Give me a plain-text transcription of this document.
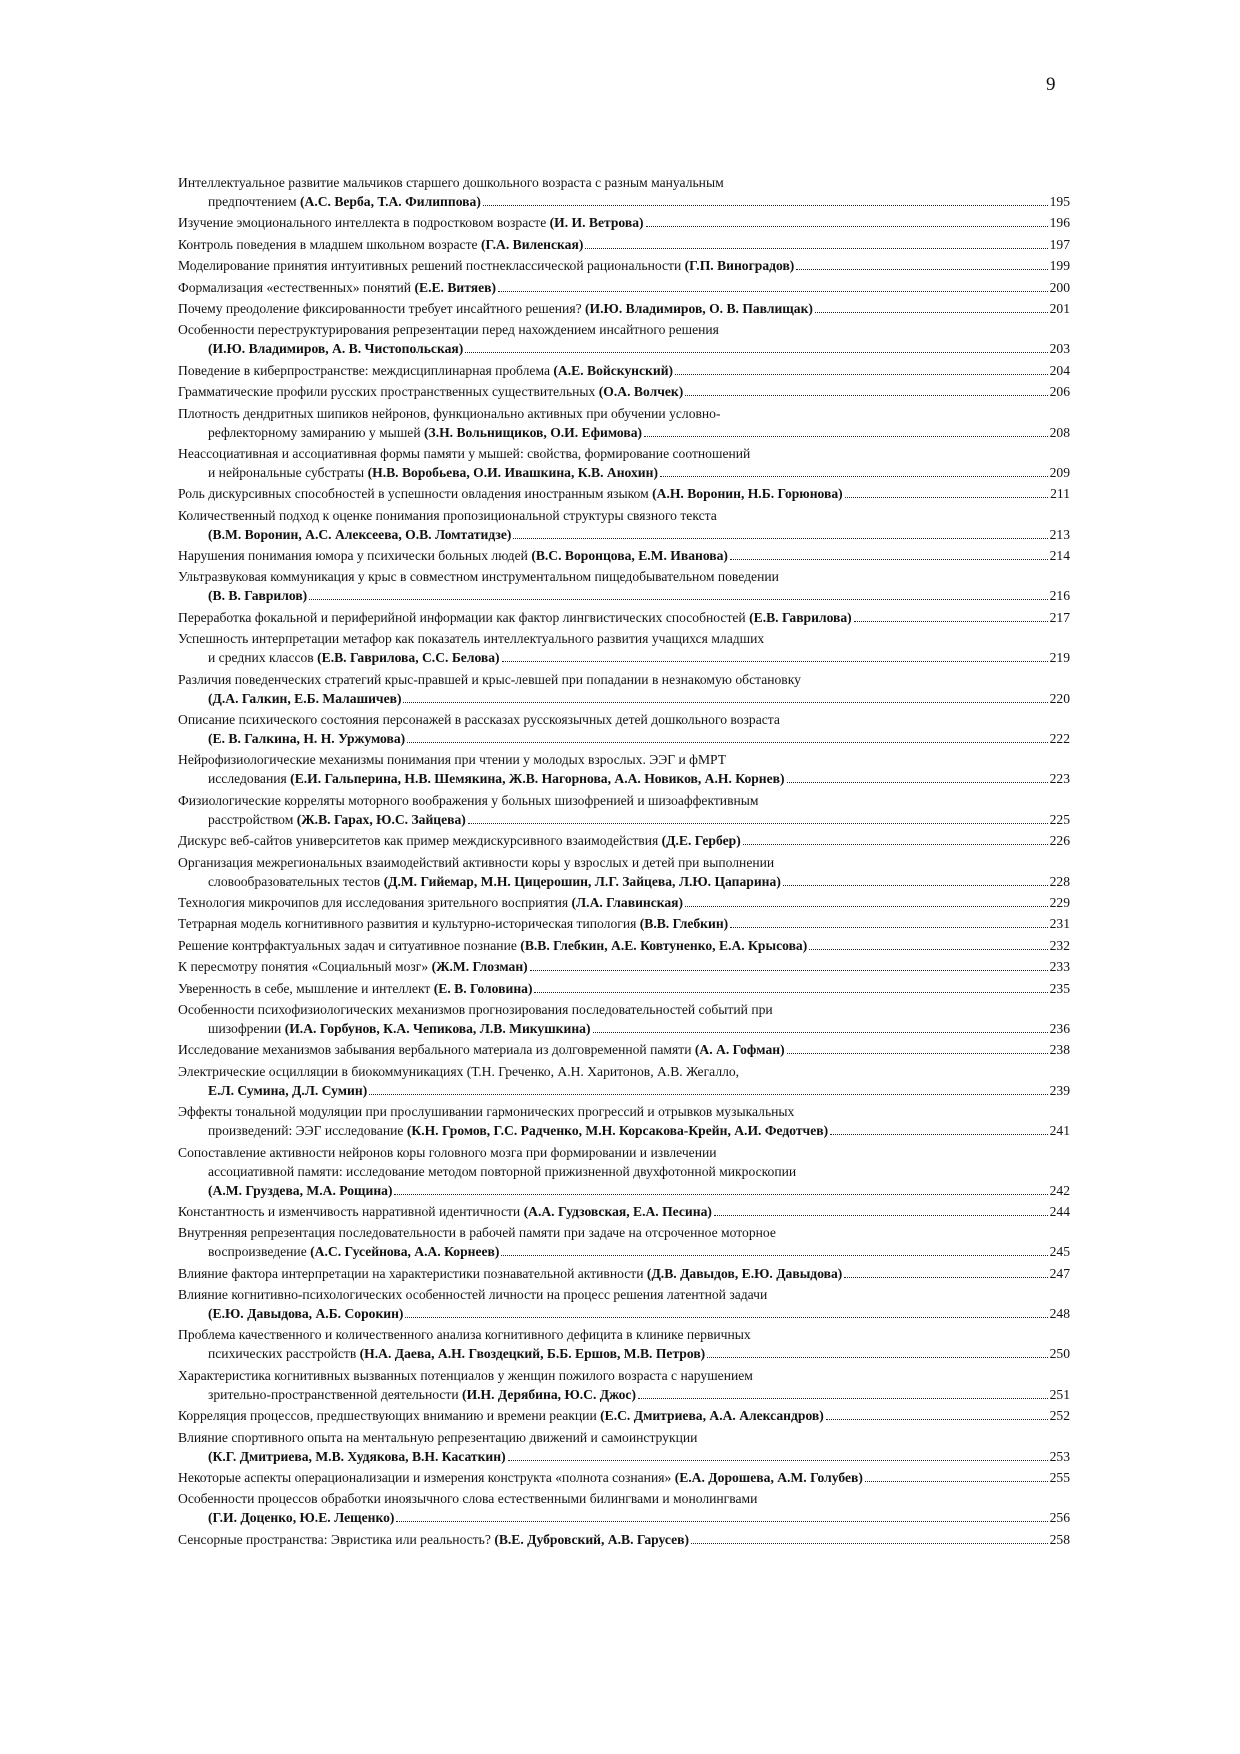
9
Интеллектуальное развитие мальчиков старшего дошкольного возраста с разным мануальным
предпочтением (А.С. Верба, Т.А. Филиппова)	195
Изучение эмоционального интеллекта в подростковом возрасте (И. И. Ветрова)	196
Контроль поведения в младшем школьном возрасте (Г.А. Виленская)	197
Моделирование принятия интуитивных решений постнеклассической рациональности (Г.П. Виноградов)	199
Формализация «естественных» понятий (Е.Е. Витяев)	200
Почему преодоление фиксированности требует инсайтного решения? (И.Ю. Владимиров, О. В. Павлищак)	201
Особенности переструктурирования репрезентации перед нахождением инсайтного решения
(И.Ю. Владимиров, А. В. Чистопольская)	203
Поведение в киберпространстве: междисциплинарная проблема (А.Е. Войскунский)	204
Грамматические профили русских пространственных существительных (О.А. Волчек)	206
Плотность дендритных шипиков нейронов, функционально активных при обучении условно-
рефлекторному замиранию у мышей (З.Н. Вольнищиков, О.И. Ефимова)	208
Неассоциативная и ассоциативная формы памяти у мышей: свойства, формирование соотношений
и нейрональные субстраты (Н.В. Воробьева, О.И. Ивашкина, К.В. Анохин)	209
Роль дискурсивных способностей в успешности овладения иностранным языком (А.Н. Воронин, Н.Б. Горюнова)	211
Количественный подход к оценке понимания пропозициональной структуры связного текста
(В.М. Воронин, А.С. Алексеева, О.В. Ломтатидзе)	213
Нарушения понимания юмора у психически больных людей (В.С. Воронцова, Е.М. Иванова)	214
Ультразвуковая коммуникация у крыс в совместном инструментальном пищедобывательном поведении
(В. В. Гаврилов)	216
Переработка фокальной и периферийной информации как фактор лингвистических способностей (Е.В. Гаврилова)	217
Успешность интерпретации метафор как показатель интеллектуального развития учащихся младших
и средних классов (Е.В. Гаврилова, С.С. Белова)	219
Различия поведенческих стратегий крыс-правшей и крыс-левшей при попадании в незнакомую обстановку
(Д.А. Галкин, Е.Б. Малашичев)	220
Описание психического состояния персонажей в рассказах русскоязычных детей дошкольного возраста
(Е. В. Галкина, Н. Н. Уржумова)	222
Нейрофизиологические механизмы понимания при чтении у молодых взрослых. ЭЭГ и фМРТ
исследования (Е.И. Гальперина, Н.В. Шемякина, Ж.В. Нагорнова, А.А. Новиков, А.Н. Корнев)	223
Физиологические корреляты моторного воображения у больных шизофренией и шизоаффективным
расстройством (Ж.В. Гарах, Ю.С. Зайцева)	225
Дискурс веб-сайтов университетов как пример междискурсивного взаимодействия (Д.Е. Гербер)	226
Организация межрегиональных взаимодействий активности коры у взрослых и детей при выполнении
словообразовательных тестов (Д.М. Гийемар, М.Н. Цицерошин, Л.Г. Зайцева, Л.Ю. Цапарина)	228
Технология микрочипов для исследования зрительного восприятия (Л.А. Главинская)	229
Тетрарная модель когнитивного развития и культурно-историческая типология (В.В. Глебкин)	231
Решение контрфактуальных задач и ситуативное познание (В.В. Глебкин, А.Е. Ковтуненко, Е.А. Крысова)	232
К пересмотру понятия «Социальный мозг» (Ж.М. Глозман)	233
Уверенность в себе, мышление и интеллект (Е. В. Головина)	235
Особенности психофизиологических механизмов прогнозирования последовательностей событий при
шизофрении (И.А. Горбунов, К.А. Чепикова, Л.В. Микушкина)	236
Исследование механизмов забывания вербального материала из долговременной памяти (А. А. Гофман)	238
Электрические осцилляции в биокоммуникациях (Т.Н. Греченко, А.Н. Харитонов, А.В. Жегалло,
Е.Л. Сумина, Д.Л. Сумин)	239
Эффекты тональной модуляции при прослушивании гармонических прогрессий и отрывков музыкальных
произведений: ЭЭГ исследование (К.Н. Громов, Г.С. Радченко, М.Н. Корсакова-Крейн, А.И. Федотчев)	241
Сопоставление активности нейронов коры головного мозга при формировании и извлечении
ассоциативной памяти: исследование методом повторной прижизненной двухфотонной микроскопии
(А.М. Груздева, М.А. Рощина)	242
Константность и изменчивость нарративной идентичности (А.А. Гудзовская, Е.А. Песина)	244
Внутренняя репрезентация последовательности в рабочей памяти при задаче на отсроченное моторное
воспроизведение (А.С. Гусейнова, А.А. Корнеев)	245
Влияние фактора интерпретации на характеристики познавательной активности (Д.В. Давыдов, Е.Ю. Давыдова)	247
Влияние когнитивно-психологических особенностей личности на процесс решения латентной задачи
(Е.Ю. Давыдова, А.Б. Сорокин)	248
Проблема качественного и количественного анализа когнитивного дефицита в клинике первичных
психических расстройств (Н.А. Даева, А.Н. Гвоздецкий, Б.Б. Ершов, М.В. Петров)	250
Характеристика когнитивных вызванных потенциалов у женщин пожилого возраста с нарушением
зрительно-пространственной деятельности (И.Н. Дерябина, Ю.С. Джос)	251
Корреляция процессов, предшествующих вниманию и времени реакции (Е.С. Дмитриева, А.А. Александров)	252
Влияние спортивного опыта на ментальную репрезентацию движений и самоинструкции
(К.Г. Дмитриева, М.В. Худякова, В.Н. Касаткин)	253
Некоторые аспекты операционализации и измерения конструкта «полнота сознания» (Е.А. Дорошева, А.М. Голубев)	255
Особенности процессов обработки иноязычного слова естественными билингвами и монолингвами
(Г.И. Доценко, Ю.Е. Лещенко)	256
Сенсорные пространства: Эвристика или реальность? (В.Е. Дубровский, А.В. Гарусев)	258
